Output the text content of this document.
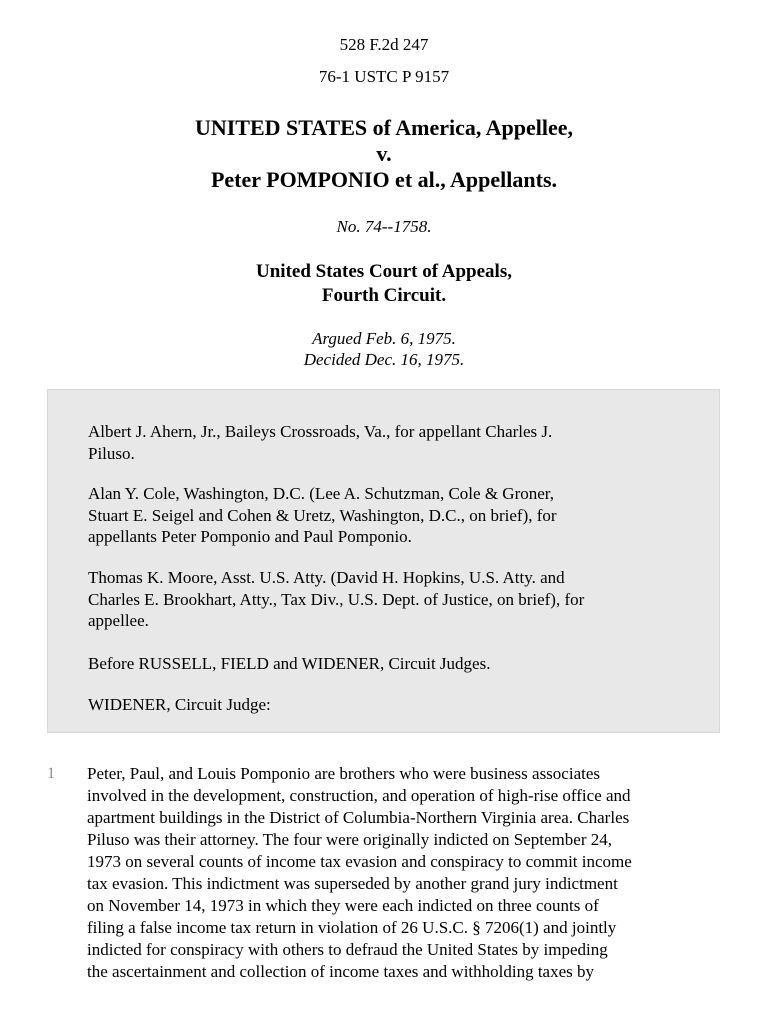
528 F.2d 247
76-1 USTC P 9157
UNITED STATES of America, Appellee,
v.
Peter POMPONIO et al., Appellants.
No. 74--1758.
United States Court of Appeals,
Fourth Circuit.
Argued Feb. 6, 1975.
Decided Dec. 16, 1975.

Albert J. Ahern, Jr., Baileys Crossroads, Va., for appellant Charles J.
Piluso.

Alan Y. Cole, Washington, D.C. (Lee A. Schutzman, Cole & Groner,
Stuart E. Seigel and Cohen & Uretz, Washington, D.C., on brief), for
appellants Peter Pomponio and Paul Pomponio.

Thomas K. Moore, Asst. U.S. Atty. (David H. Hopkins, U.S. Atty. and
Charles E. Brookhart, Atty., Tax Div., U.S. Dept. of Justice, on brief), for
appellee.

Before RUSSELL, FIELD and WIDENER, Circuit Judges.

WIDENER, Circuit Judge:

1 Peter, Paul, and Louis Pomponio are brothers who were business associates
involved in the development, construction, and operation of high-rise office and
apartment buildings in the District of Columbia-Northern Virginia area. Charles
Piluso was their attorney. The four were originally indicted on September 24,
1973 on several counts of income tax evasion and conspiracy to commit income
tax evasion. This indictment was superseded by another grand jury indictment
on November 14, 1973 in which they were each indicted on three counts of
filing a false income tax return in violation of 26 U.S.C. § 7206(1) and jointly
indicted for conspiracy with others to defraud the United States by impeding
the ascertainment and collection of income taxes and withholding taxes by
